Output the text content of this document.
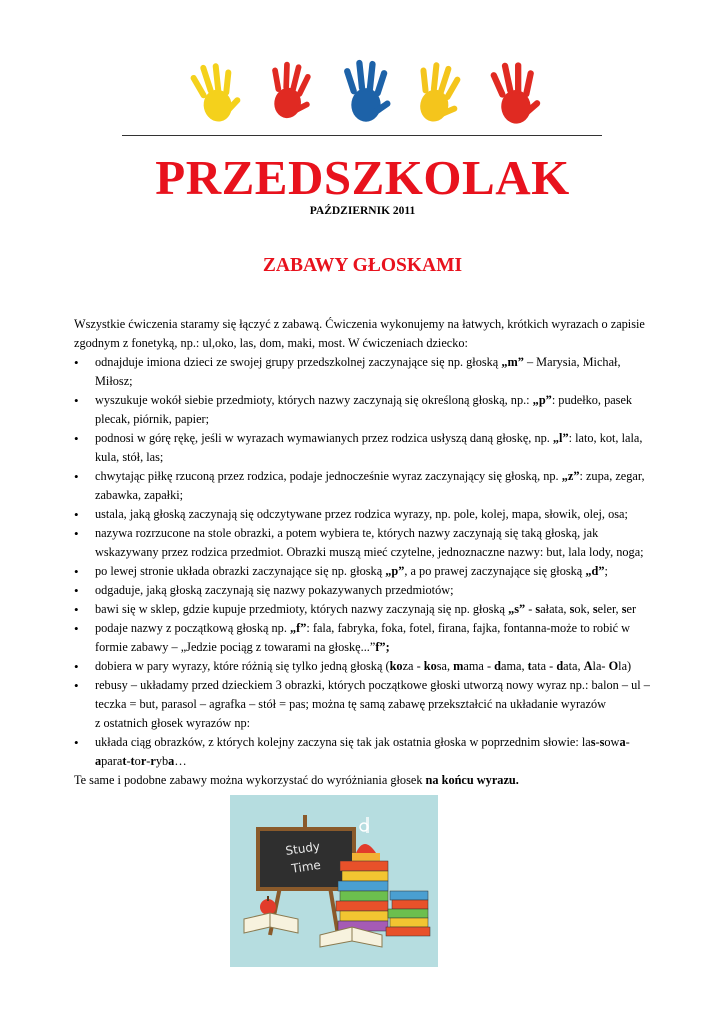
PRZEDSZKOLAK
PAŹDZIERNIK 2011
ZABAWY GŁOSKAMI

Wszystkie ćwiczenia staramy się łączyć z zabawą. Ćwiczenia wykonujemy na łatwych, krótkich wyrazach o zapisie zgodnym z fonetyką, np.: ul,oko, las, dom, maki, most. W ćwiczeniach dziecko:

• odnajduje imiona dzieci ze swojej grupy przedszkolnej zaczynające się np. głoską „m” – Marysia, Michał, Miłosz;
• wyszukuje wokół siebie przedmioty, których nazwy zaczynają się określoną głoską, np.: „p”: pudełko, pasek plecak, piórnik, papier;
• podnosi w górę rękę, jeśli w wyrazach wymawianych przez rodzica usłyszą daną głoskę, np. „l”: lato, kot, lala, kula, stół, las;
• chwytając piłkę rzuconą przez rodzica, podaje jednocześnie wyraz zaczynający się głoską, np. „z”: zupa, zegar, zabawka, zapałki;
• ustala, jaką głoską zaczynają się odczytywane przez rodzica wyrazy, np. pole, kolej, mapa, słowik, olej, osa;
• nazywa rozrzucone na stole obrazki, a potem wybiera te, których nazwy zaczynają się taką głoską, jak wskazywany przez rodzica przedmiot. Obrazki muszą mieć czytelne, jednoznaczne nazwy: but, lala lody, noga;
• po lewej stronie układa obrazki zaczynające się np. głoską „p”, a po prawej zaczynające się głoską „d”;
• odgaduje, jaką głoską zaczynają się nazwy pokazywanych przedmiotów;
• bawi się w sklep, gdzie kupuje przedmioty, których nazwy zaczynają się np. głoską „s” - sałata, sok, seler, ser
• podaje nazwy z początkową głoską np. „f”: fala, fabryka, foka, fotel, firana, fajka, fontanna-może to robić w formie zabawy – „Jedzie pociąg z towarami na głoskę...”f”;
• dobiera w pary wyrazy, które różnią się tylko jedną głoską (koza - kosa, mama - dama, tata - data, Ala- Ola)
• rebusy – układamy przed dzieckiem 3 obrazki, których początkowe głoski utworzą nowy wyraz np.: balon – ul – teczka = but, parasol – agrafka – stół = pas; można tę samą zabawę przekształcić na układanie wyrazów
z ostatnich głosek wyrazów np:
• układa ciąg obrazków, z których kolejny zaczyna się tak jak ostatnia głoska w poprzednim słowie: las-sowa-aparat-tor-ryba…

Te same i podobne zabawy można wykorzystać do wyróżniania głosek na końcu wyrazu.

Study
Time
